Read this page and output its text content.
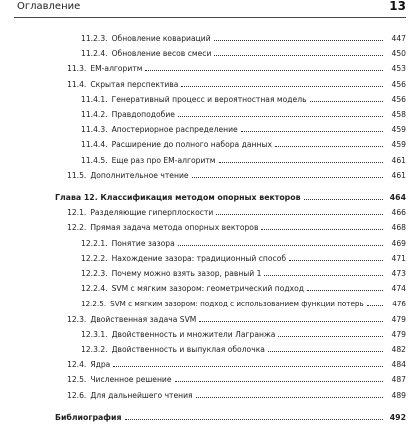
Оглавление	13
11.2.3. Обновление ковариаций	447
11.2.4. Обновление весов смеси	450
11.3. EM-алгоритм	453
11.4. Скрытая перспектива	456
11.4.1. Генеративный процесс и вероятностная модель	456
11.4.2. Правдоподобие	458
11.4.3. Апостериорное распределение	459
11.4.4. Расширение до полного набора данных	459
11.4.5. Еще раз про EM-алгоритм	461
11.5. Дополнительное чтение	461
Глава 12. Классификация методом опорных векторов	464
12.1. Разделяющие гиперплоскости	466
12.2. Прямая задача методa опорных векторов	468
12.2.1. Понятие зазора	469
12.2.2. Нахождение зазора: традиционный способ	471
12.2.3. Почему можно взять зазор, равный 1	473
12.2.4. SVM с мягким зазором: геометрический подход	474
12.2.5. SVM с мягким зазором: подход с использованием функции потерь	476
12.3. Двойственная задача SVM	479
12.3.1. Двойственность и множители Лагранжа	479
12.3.2. Двойственность и выпуклая оболочка	482
12.4. Ядра	484
12.5. Численное решение	487
12.6. Для дальнейшего чтения	489
Библиография	492
